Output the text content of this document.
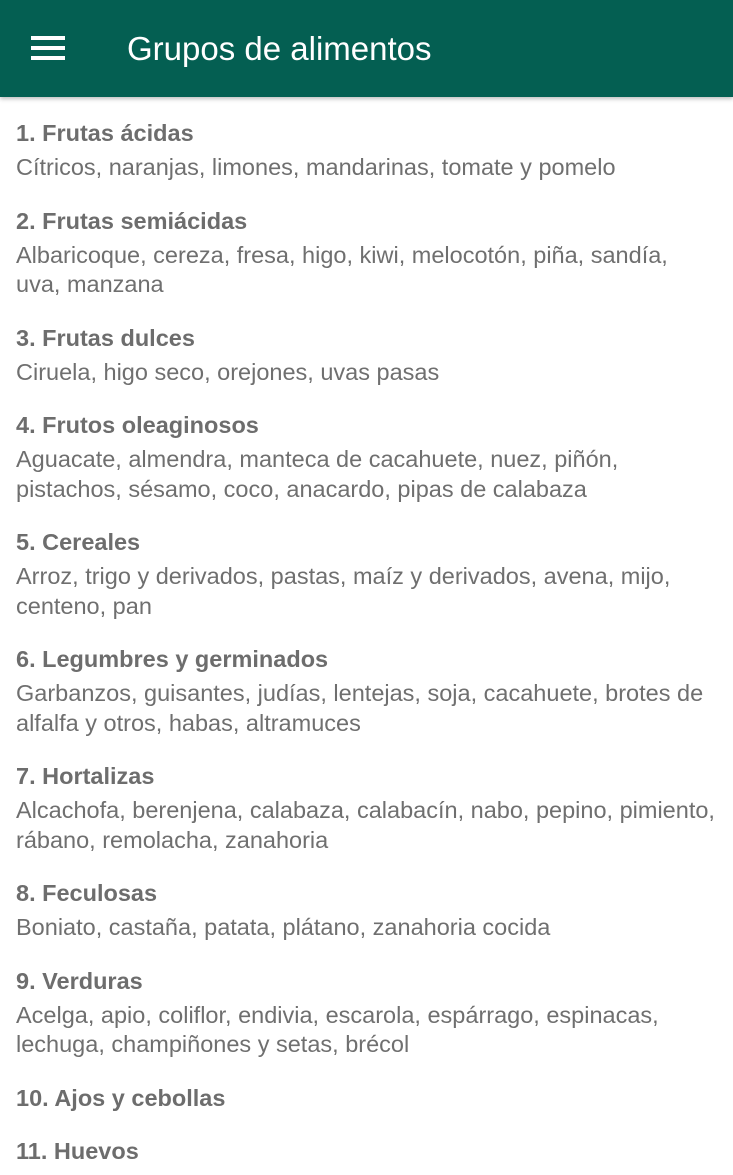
Grupos de alimentos
1. Frutas ácidas
Cítricos, naranjas, limones, mandarinas, tomate y pomelo
2. Frutas semiácidas
Albaricoque, cereza, fresa, higo, kiwi, melocotón, piña, sandía, uva, manzana
3. Frutas dulces
Ciruela, higo seco, orejones, uvas pasas
4. Frutos oleaginosos
Aguacate, almendra, manteca de cacahuete, nuez, piñón, pistachos, sésamo, coco, anacardo, pipas de calabaza
5. Cereales
Arroz, trigo y derivados, pastas, maíz y derivados, avena, mijo, centeno, pan
6. Legumbres y germinados
Garbanzos, guisantes, judías, lentejas, soja, cacahuete, brotes de alfalfa y otros, habas, altramuces
7. Hortalizas
Alcachofa, berenjena, calabaza, calabacín, nabo, pepino, pimiento, rábano, remolacha, zanahoria
8. Feculosas
Boniato, castaña, patata, plátano, zanahoria cocida
9. Verduras
Acelga, apio, coliflor, endivia, escarola, espárrago, espinacas, lechuga, champiñones y setas, brécol
10. Ajos y cebollas
11. Huevos
